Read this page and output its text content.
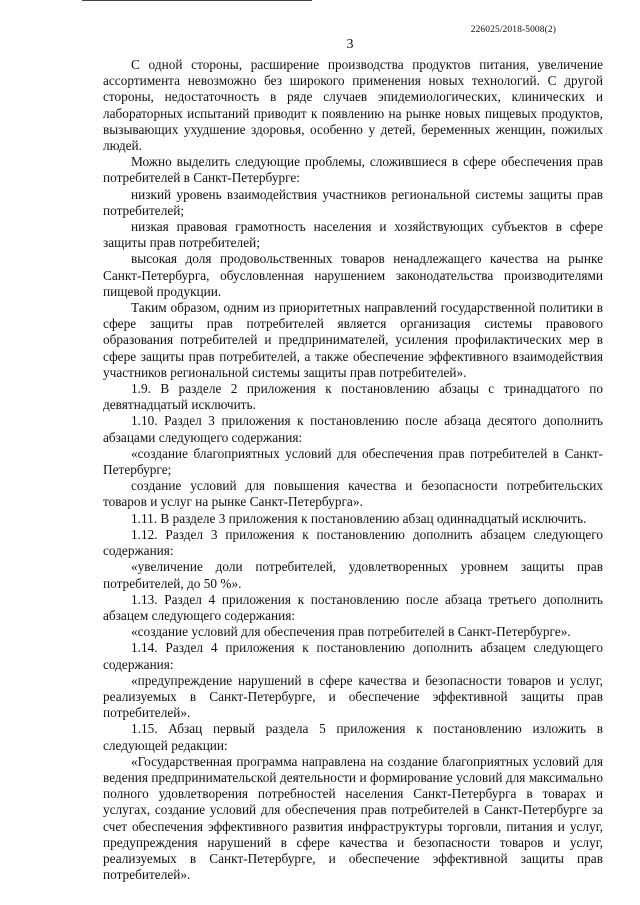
226025/2018-5008(2)
3

С одной стороны, расширение производства продуктов питания, увеличение ассортимента невозможно без широкого применения новых технологий. С другой стороны, недостаточность в ряде случаев эпидемиологических, клинических и лабораторных испытаний приводит к появлению на рынке новых пищевых продуктов, вызывающих ухудшение здоровья, особенно у детей, беременных женщин, пожилых людей.

Можно выделить следующие проблемы, сложившиеся в сфере обеспечения прав потребителей в Санкт-Петербурге:

низкий уровень взаимодействия участников региональной системы защиты прав потребителей;

низкая правовая грамотность населения и хозяйствующих субъектов в сфере защиты прав потребителей;

высокая доля продовольственных товаров ненадлежащего качества на рынке Санкт-Петербурга, обусловленная нарушением законодательства производителями пищевой продукции.

Таким образом, одним из приоритетных направлений государственной политики в сфере защиты прав потребителей является организация системы правового образования потребителей и предпринимателей, усиления профилактических мер в сфере защиты прав потребителей, а также обеспечение эффективного взаимодействия участников региональной системы защиты прав потребителей».

1.9. В разделе 2 приложения к постановлению абзацы с тринадцатого по девятнадцатый исключить.

1.10. Раздел 3 приложения к постановлению после абзаца десятого дополнить абзацами следующего содержания:

«создание благоприятных условий для обеспечения прав потребителей в Санкт-Петербурге;

создание условий для повышения качества и безопасности потребительских товаров и услуг на рынке Санкт-Петербурга».

1.11. В разделе 3 приложения к постановлению абзац одиннадцатый исключить.

1.12. Раздел 3 приложения к постановлению дополнить абзацем следующего содержания:

«увеличение доли потребителей, удовлетворенных уровнем защиты прав потребителей, до 50 %».

1.13. Раздел 4 приложения к постановлению после абзаца третьего дополнить абзацем следующего содержания:

«создание условий для обеспечения прав потребителей в Санкт-Петербурге».

1.14. Раздел 4 приложения к постановлению дополнить абзацем следующего содержания:

«предупреждение нарушений в сфере качества и безопасности товаров и услуг, реализуемых в Санкт-Петербурге, и обеспечение эффективной защиты прав потребителей».

1.15. Абзац первый раздела 5 приложения к постановлению изложить в следующей редакции:

«Государственная программа направлена на создание благоприятных условий для ведения предпринимательской деятельности и формирование условий для максимально полного удовлетворения потребностей населения Санкт-Петербурга в товарах и услугах, создание условий для обеспечения прав потребителей в Санкт-Петербурге за счет обеспечения эффективного развития инфраструктуры торговли, питания и услуг, предупреждения нарушений в сфере качества и безопасности товаров и услуг, реализуемых в Санкт-Петербурге, и обеспечение эффективной защиты прав потребителей».
